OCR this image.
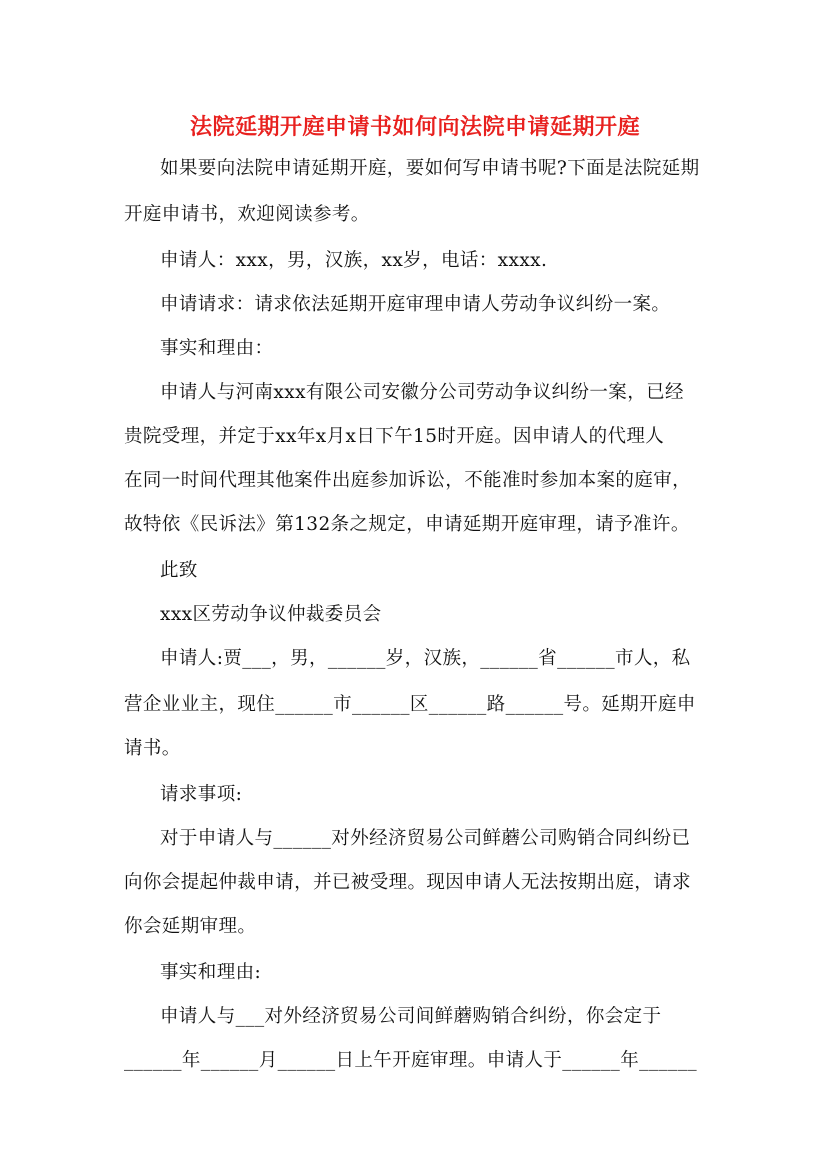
法院延期开庭申请书如何向法院申请延期开庭
如果要向法院申请延期开庭，要如何写申请书呢?下面是法院延期
开庭申请书，欢迎阅读参考。
申请人：xxx，男，汉族，xx岁，电话：xxxx.
申请请求：请求依法延期开庭审理申请人劳动争议纠纷一案。
事实和理由：
申请人与河南xxx有限公司安徽分公司劳动争议纠纷一案，已经
贵院受理，并定于xx年x月x日下午15时开庭。因申请人的代理人
在同一时间代理其他案件出庭参加诉讼，不能准时参加本案的庭审，
故特依《民诉法》第132条之规定，申请延期开庭审理，请予准许。
此致
xxx区劳动争议仲裁委员会
申请人:贾___，男，______岁，汉族，______省______市人，私
营企业业主，现住______市______区______路______号。延期开庭申
请书。
请求事项:
对于申请人与______对外经济贸易公司鲜蘑公司购销合同纠纷已
向你会提起仲裁申请，并已被受理。现因申请人无法按期出庭，请求
你会延期审理。
事实和理由:
申请人与___对外经济贸易公司间鲜蘑购销合纠纷，你会定于
______年______月______日上午开庭审理。申请人于______年______
